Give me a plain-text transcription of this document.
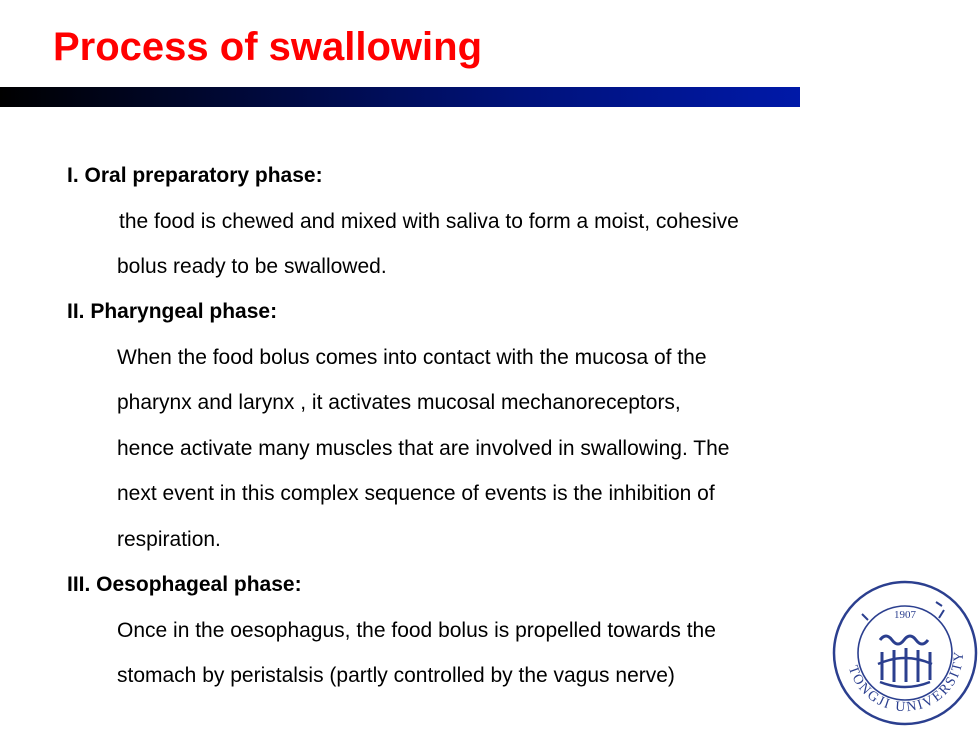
Process of swallowing
I. Oral preparatory phase:
the food is chewed and mixed with saliva to form a moist, cohesive
bolus ready to be swallowed.
II. Pharyngeal phase:
When the food bolus comes into contact with the mucosa of the
pharynx and larynx , it activates mucosal mechanoreceptors,
hence activate many muscles that are involved in swallowing. The
next event in this complex sequence of events is the inhibition of
respiration.
III. Oesophageal phase:
Once in the oesophagus, the food bolus is propelled towards the
stomach by peristalsis (partly controlled by the vagus nerve)	TONGJI UNIVERSITY
1907
